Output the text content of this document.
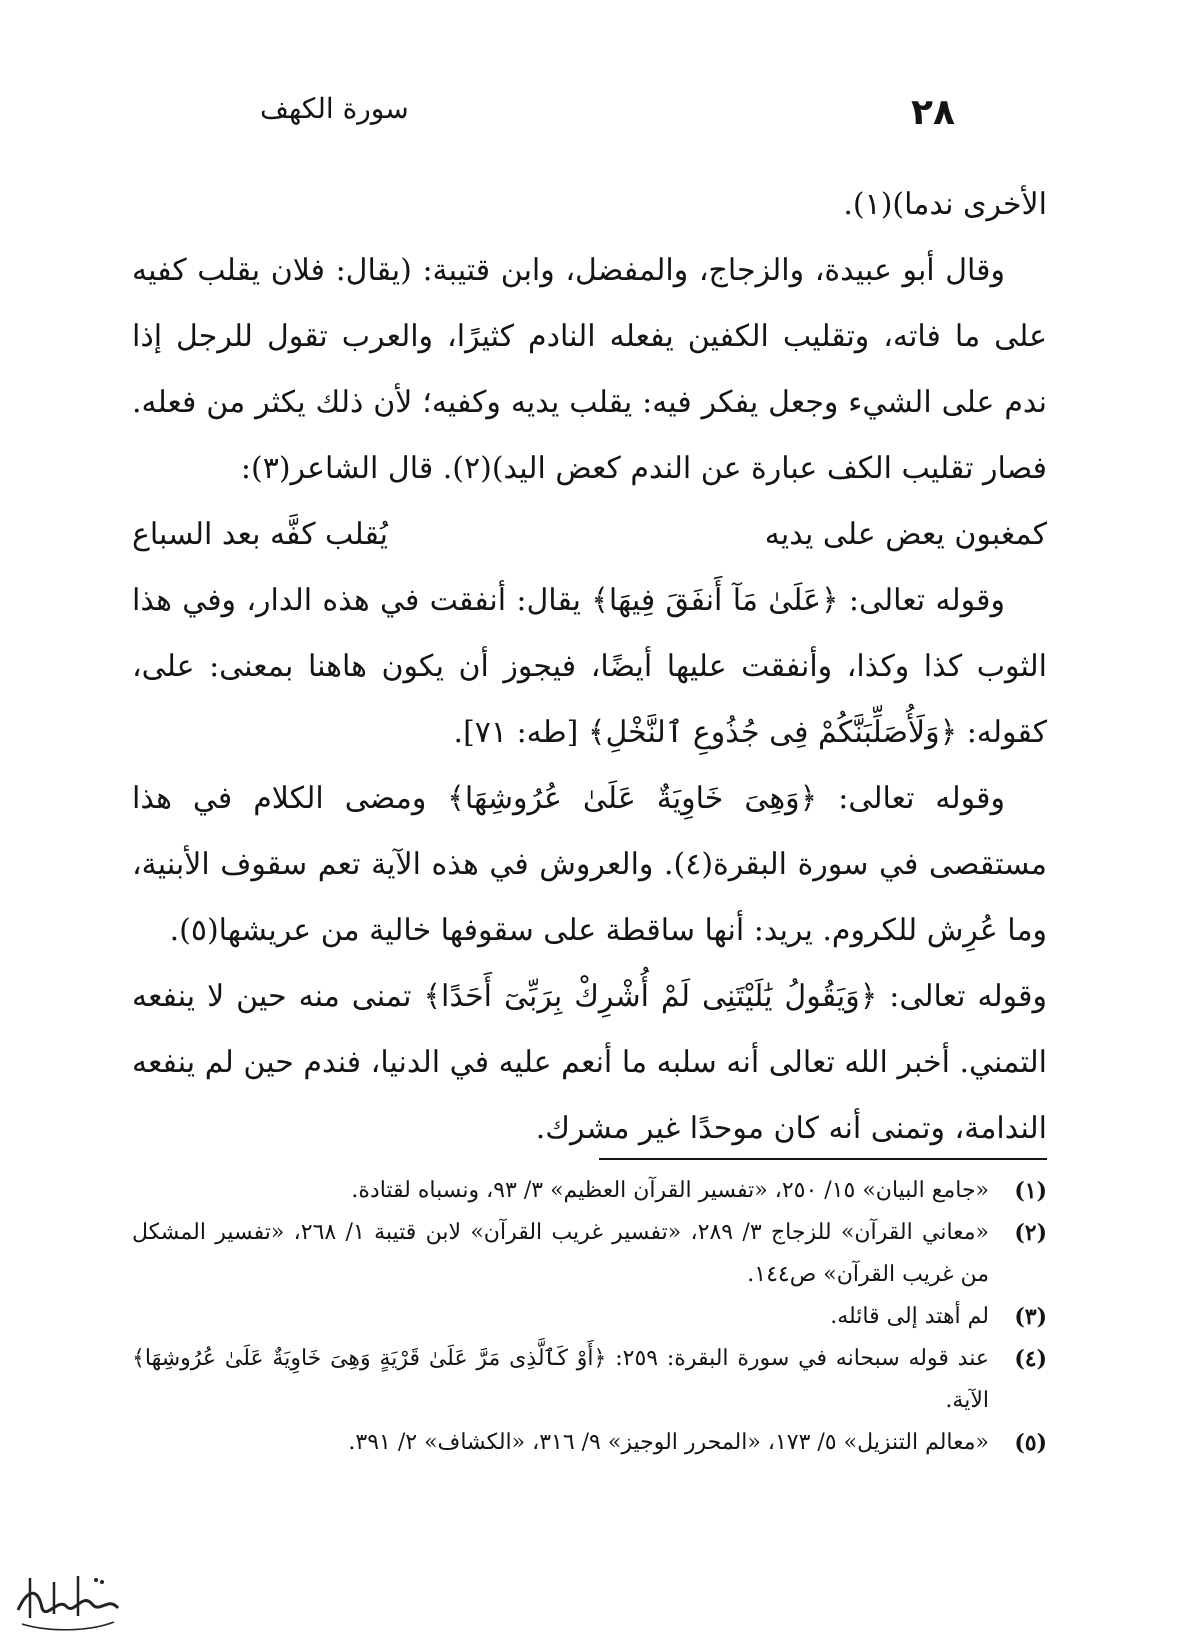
٢٨
سورة الكهف

الأخرى ندما)(١).

وقال أبو عبيدة، والزجاج، والمفضل، وابن قتيبة: (يقال: فلان يقلب كفيه على ما فاته، وتقليب الكفين يفعله النادم كثيرًا، والعرب تقول للرجل إذا ندم على الشيء وجعل يفكر فيه: يقلب يديه وكفيه؛ لأن ذلك يكثر من فعله. فصار تقليب الكف عبارة عن الندم كعض اليد)(٢). قال الشاعر(٣):

كمغبون يعض على يديه
يُقلب كفَّه بعد السباع

وقوله تعالى: ﴿عَلَىٰ مَآ أَنفَقَ فِيهَا﴾ يقال: أنفقت في هذه الدار، وفي هذا الثوب كذا وكذا، وأنفقت عليها أيضًا، فيجوز أن يكون هاهنا بمعنى: على، كقوله: ﴿وَلَأُصَلِّبَنَّكُمْ فِى جُذُوعِ ٱلنَّخْلِ﴾ [طه: ٧١].

وقوله تعالى: ﴿وَهِىَ خَاوِيَةٌ عَلَىٰ عُرُوشِهَا﴾ ومضى الكلام في هذا مستقصى في سورة البقرة(٤). والعروش في هذه الآية تعم سقوف الأبنية، وما عُرِش للكروم. يريد: أنها ساقطة على سقوفها خالية من عريشها(٥).

وقوله تعالى: ﴿وَيَقُولُ يَٰلَيْتَنِى لَمْ أُشْرِكْ بِرَبِّىٓ أَحَدًا﴾ تمنى منه حين لا ينفعه التمني. أخبر الله تعالى أنه سلبه ما أنعم عليه في الدنيا، فندم حين لم ينفعه الندامة، وتمنى أنه كان موحدًا غير مشرك.

(١)
«جامع البيان» ١٥/ ٢٥٠، «تفسير القرآن العظيم» ٣/ ٩٣، ونسباه لقتادة.
(٢)
«معاني القرآن» للزجاج ٣/ ٢٨٩، «تفسير غريب القرآن» لابن قتيبة ١/ ٢٦٨، «تفسير المشكل من غريب القرآن» ص١٤٤.
(٣)
لم أهتد إلى قائله.
(٤)
عند قوله سبحانه في سورة البقرة: ٢٥٩: ﴿أَوْ كَٱلَّذِى مَرَّ عَلَىٰ قَرْيَةٍ وَهِىَ خَاوِيَةٌ عَلَىٰ عُرُوشِهَا﴾ الآية.
(٥)
«معالم التنزيل» ٥/ ١٧٣، «المحرر الوجيز» ٩/ ٣١٦، «الكشاف» ٢/ ٣٩١.
